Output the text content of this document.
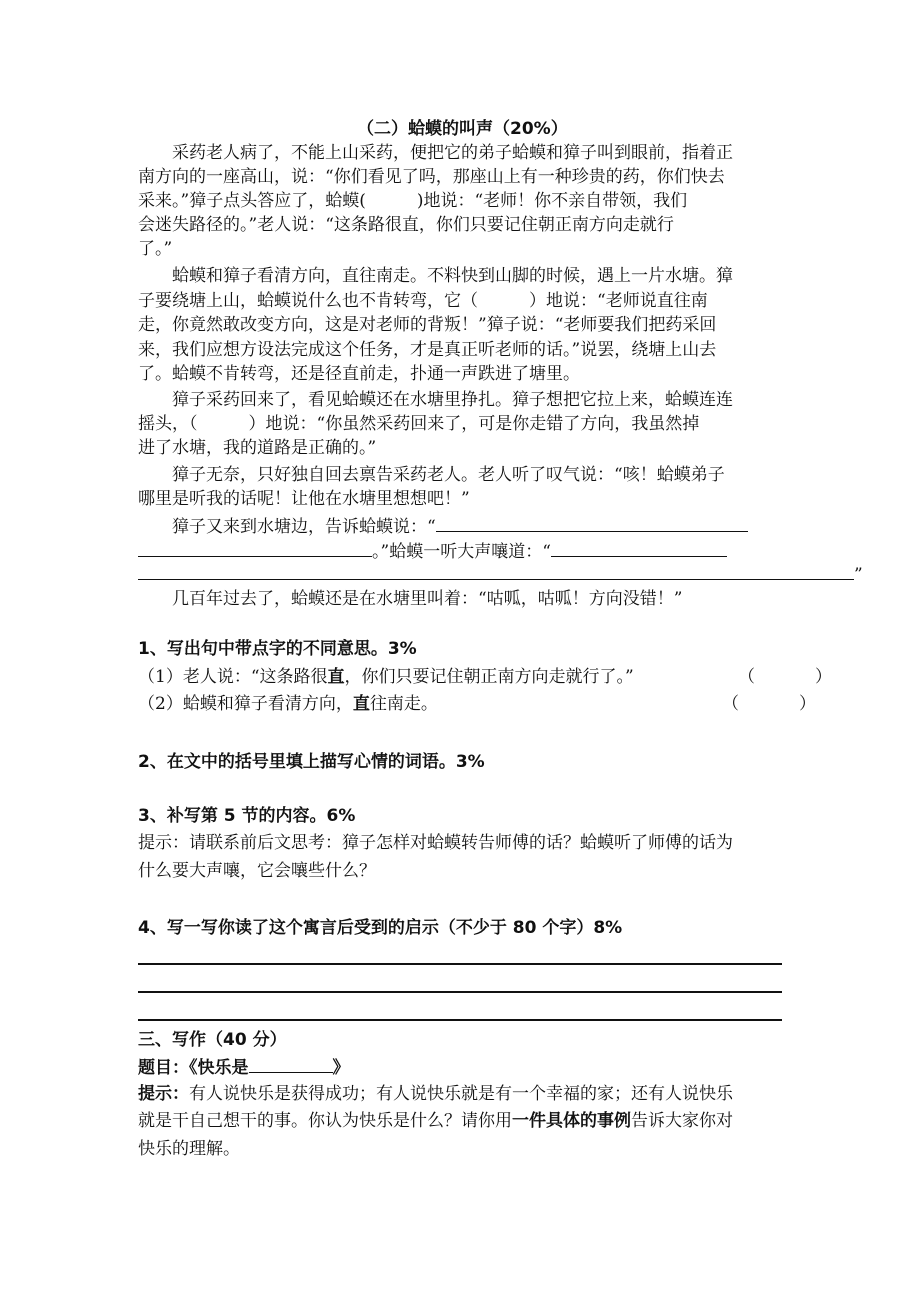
（二）蛤蟆的叫声（20%）

　　采药老人病了，不能上山采药，便把它的弟子蛤蟆和獐子叫到眼前，指着正

南方向的一座高山，说：“你们看见了吗，那座山上有一种珍贵的药，你们快去

采来。”獐子点头答应了，蛤蟆(　　　)地说：“老师！你不亲自带领，我们

会迷失路径的。”老人说：“这条路很直，你们只要记住朝正南方向走就行

了。”

　　蛤蟆和獐子看清方向，直往南走。不料快到山脚的时候，遇上一片水塘。獐

子要绕塘上山，蛤蟆说什么也不肯转弯，它（　　　）地说：“老师说直往南

走，你竟然敢改变方向，这是对老师的背叛！”獐子说：“老师要我们把药采回

来，我们应想方设法完成这个任务，才是真正听老师的话。”说罢，绕塘上山去

了。蛤蟆不肯转弯，还是径直前走，扑通一声跌进了塘里。

　　獐子采药回来了，看见蛤蟆还在水塘里挣扎。獐子想把它拉上来，蛤蟆连连

摇头，（　　　）地说：“你虽然采药回来了，可是你走错了方向，我虽然掉

进了水塘，我的道路是正确的。”

　　獐子无奈，只好独自回去禀告采药老人。老人听了叹气说：“咳！蛤蟆弟子

哪里是听我的话呢！让他在水塘里想想吧！”

　　獐子又来到水塘边，告诉蛤蟆说：“
。”蛤蟆一听大声嚷道：“
”

　　几百年过去了，蛤蟆还是在水塘里叫着：“咕呱，咕呱！方向没错！”

1、写出句中带点字的不同意思。3%
（1）老人说：“这条路很直，你们只要记住朝正南方向走就行了。”	（	）
（2）蛤蟆和獐子看清方向，直往南走。	（	）
2、在文中的括号里填上描写心情的词语。3%
3、补写第 5 节的内容。6%

提示：请联系前后文思考：獐子怎样对蛤蟆转告师傅的话？蛤蟆听了师傅的话为

什么要大声嚷，它会嚷些什么？

4、写一写你读了这个寓言后受到的启示（不少于 80 个字）8%
三、写作（40 分）
题目：《快乐是	》
提示：有人说快乐是获得成功；有人说快乐就是有一个幸福的家；还有人说快乐
就是干自己想干的事。你认为快乐是什么？请你用一件具体的事例告诉大家你对

快乐的理解。
